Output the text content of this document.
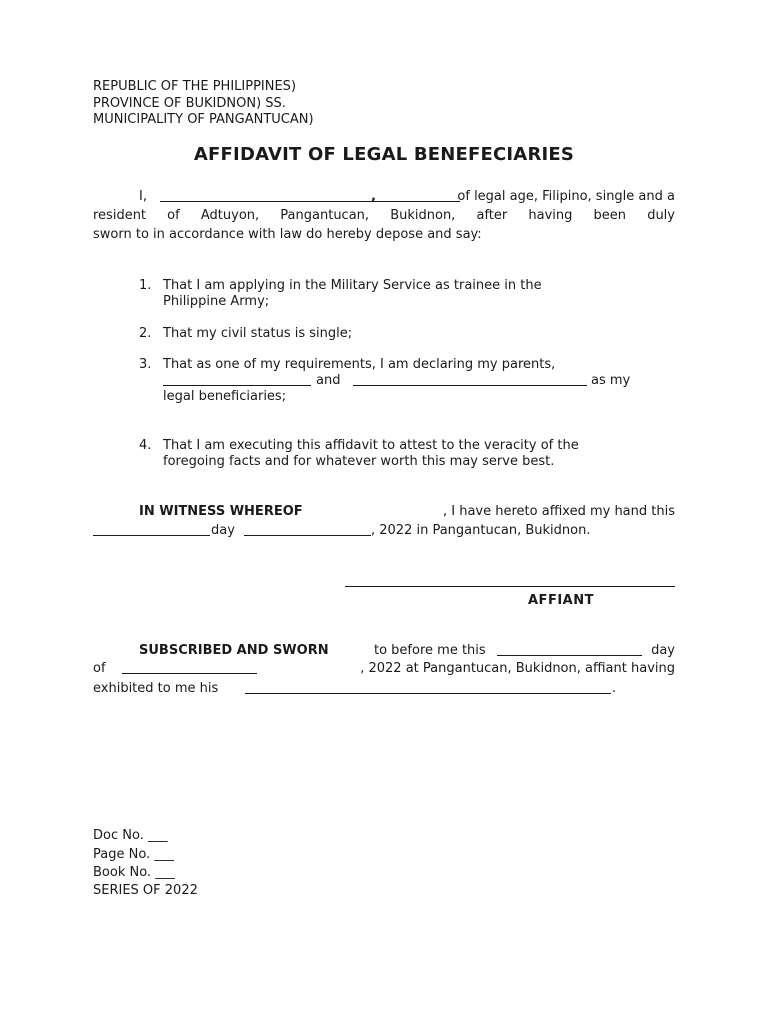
REPUBLIC OF THE PHILIPPINES)
PROVINCE OF BUKIDNON) SS.
MUNICIPALITY OF PANGANTUCAN)
AFFIDAVIT OF LEGAL BENEFECIARIES
I,	,	of legal age, Filipino, single and a
resident of Adtuyon, Pangantucan, Bukidnon, after having been duly
sworn to in accordance with law do hereby depose and say:
1. That I am applying in the Military Service as trainee in the
Philippine Army;
2. That my civil status is single;
3. That as one of my requirements, I am declaring my parents,
and	as my
legal beneficiaries;
4. That I am executing this affidavit to attest to the veracity of the
foregoing facts and for whatever worth this may serve best.
IN WITNESS WHEREOF	, I have hereto affixed my hand this
day	, 2022 in Pangantucan, Bukidnon.
AFFIANT
SUBSCRIBED AND SWORN	to before me this	day
of	, 2022 at Pangantucan, Bukidnon, affiant having
exhibited to me his	.
Doc No. ___
Page No. ___
Book No. ___
SERIES OF 2022
